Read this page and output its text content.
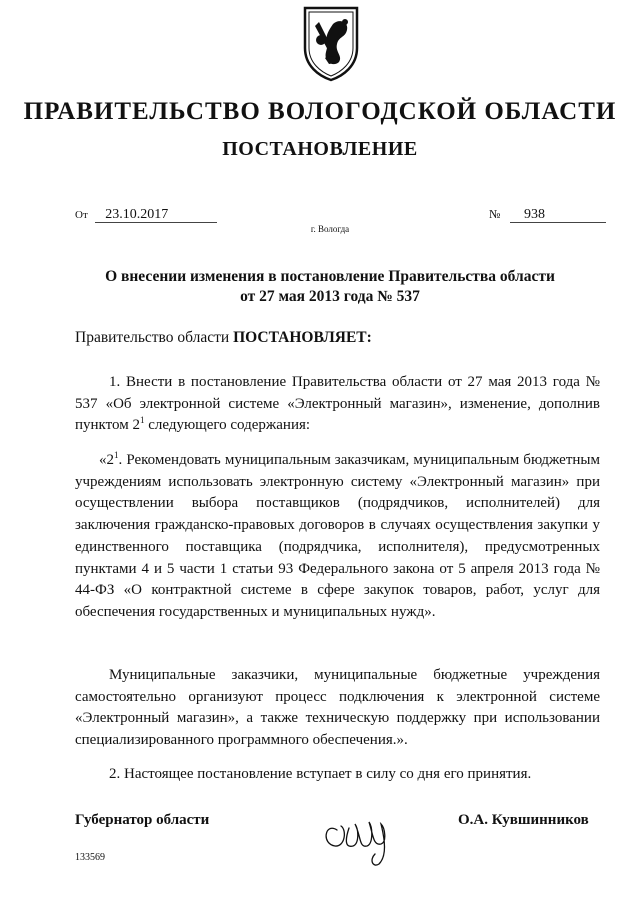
ПРАВИТЕЛЬСТВО ВОЛОГОДСКОЙ ОБЛАСТИ
ПОСТАНОВЛЕНИЕ
От 23.10.2017	№ 938
г. Вологда
О внесении изменения в постановление Правительства области
от 27 мая 2013 года № 537
Правительство области ПОСТАНОВЛЯЕТ:
1. Внести в постановление Правительства области от 27 мая 2013 года № 537 «Об электронной системе «Электронный магазин», изменение, дополнив пунктом $2^1$ следующего содержания:
«$2^1$. Рекомендовать муниципальным заказчикам, муниципальным бюджетным учреждениям использовать электронную систему «Электронный магазин» при осуществлении выбора поставщиков (подрядчиков, исполнителей) для заключения гражданско-правовых договоров в случаях осуществления закупки у единственного поставщика (подрядчика, исполнителя), предусмотренных пунктами 4 и 5 части 1 статьи 93 Федерального закона от 5 апреля 2013 года № 44-ФЗ «О контрактной системе в сфере закупок товаров, работ, услуг для обеспечения государственных и муниципальных нужд».
Муниципальные заказчики, муниципальные бюджетные учреждения самостоятельно организуют процесс подключения к электронной системе «Электронный магазин», а также техническую поддержку при использовании специализированного программного обеспечения.».
2. Настоящее постановление вступает в силу со дня его принятия.
Губернатор области	О.А. Кувшинников
133569
